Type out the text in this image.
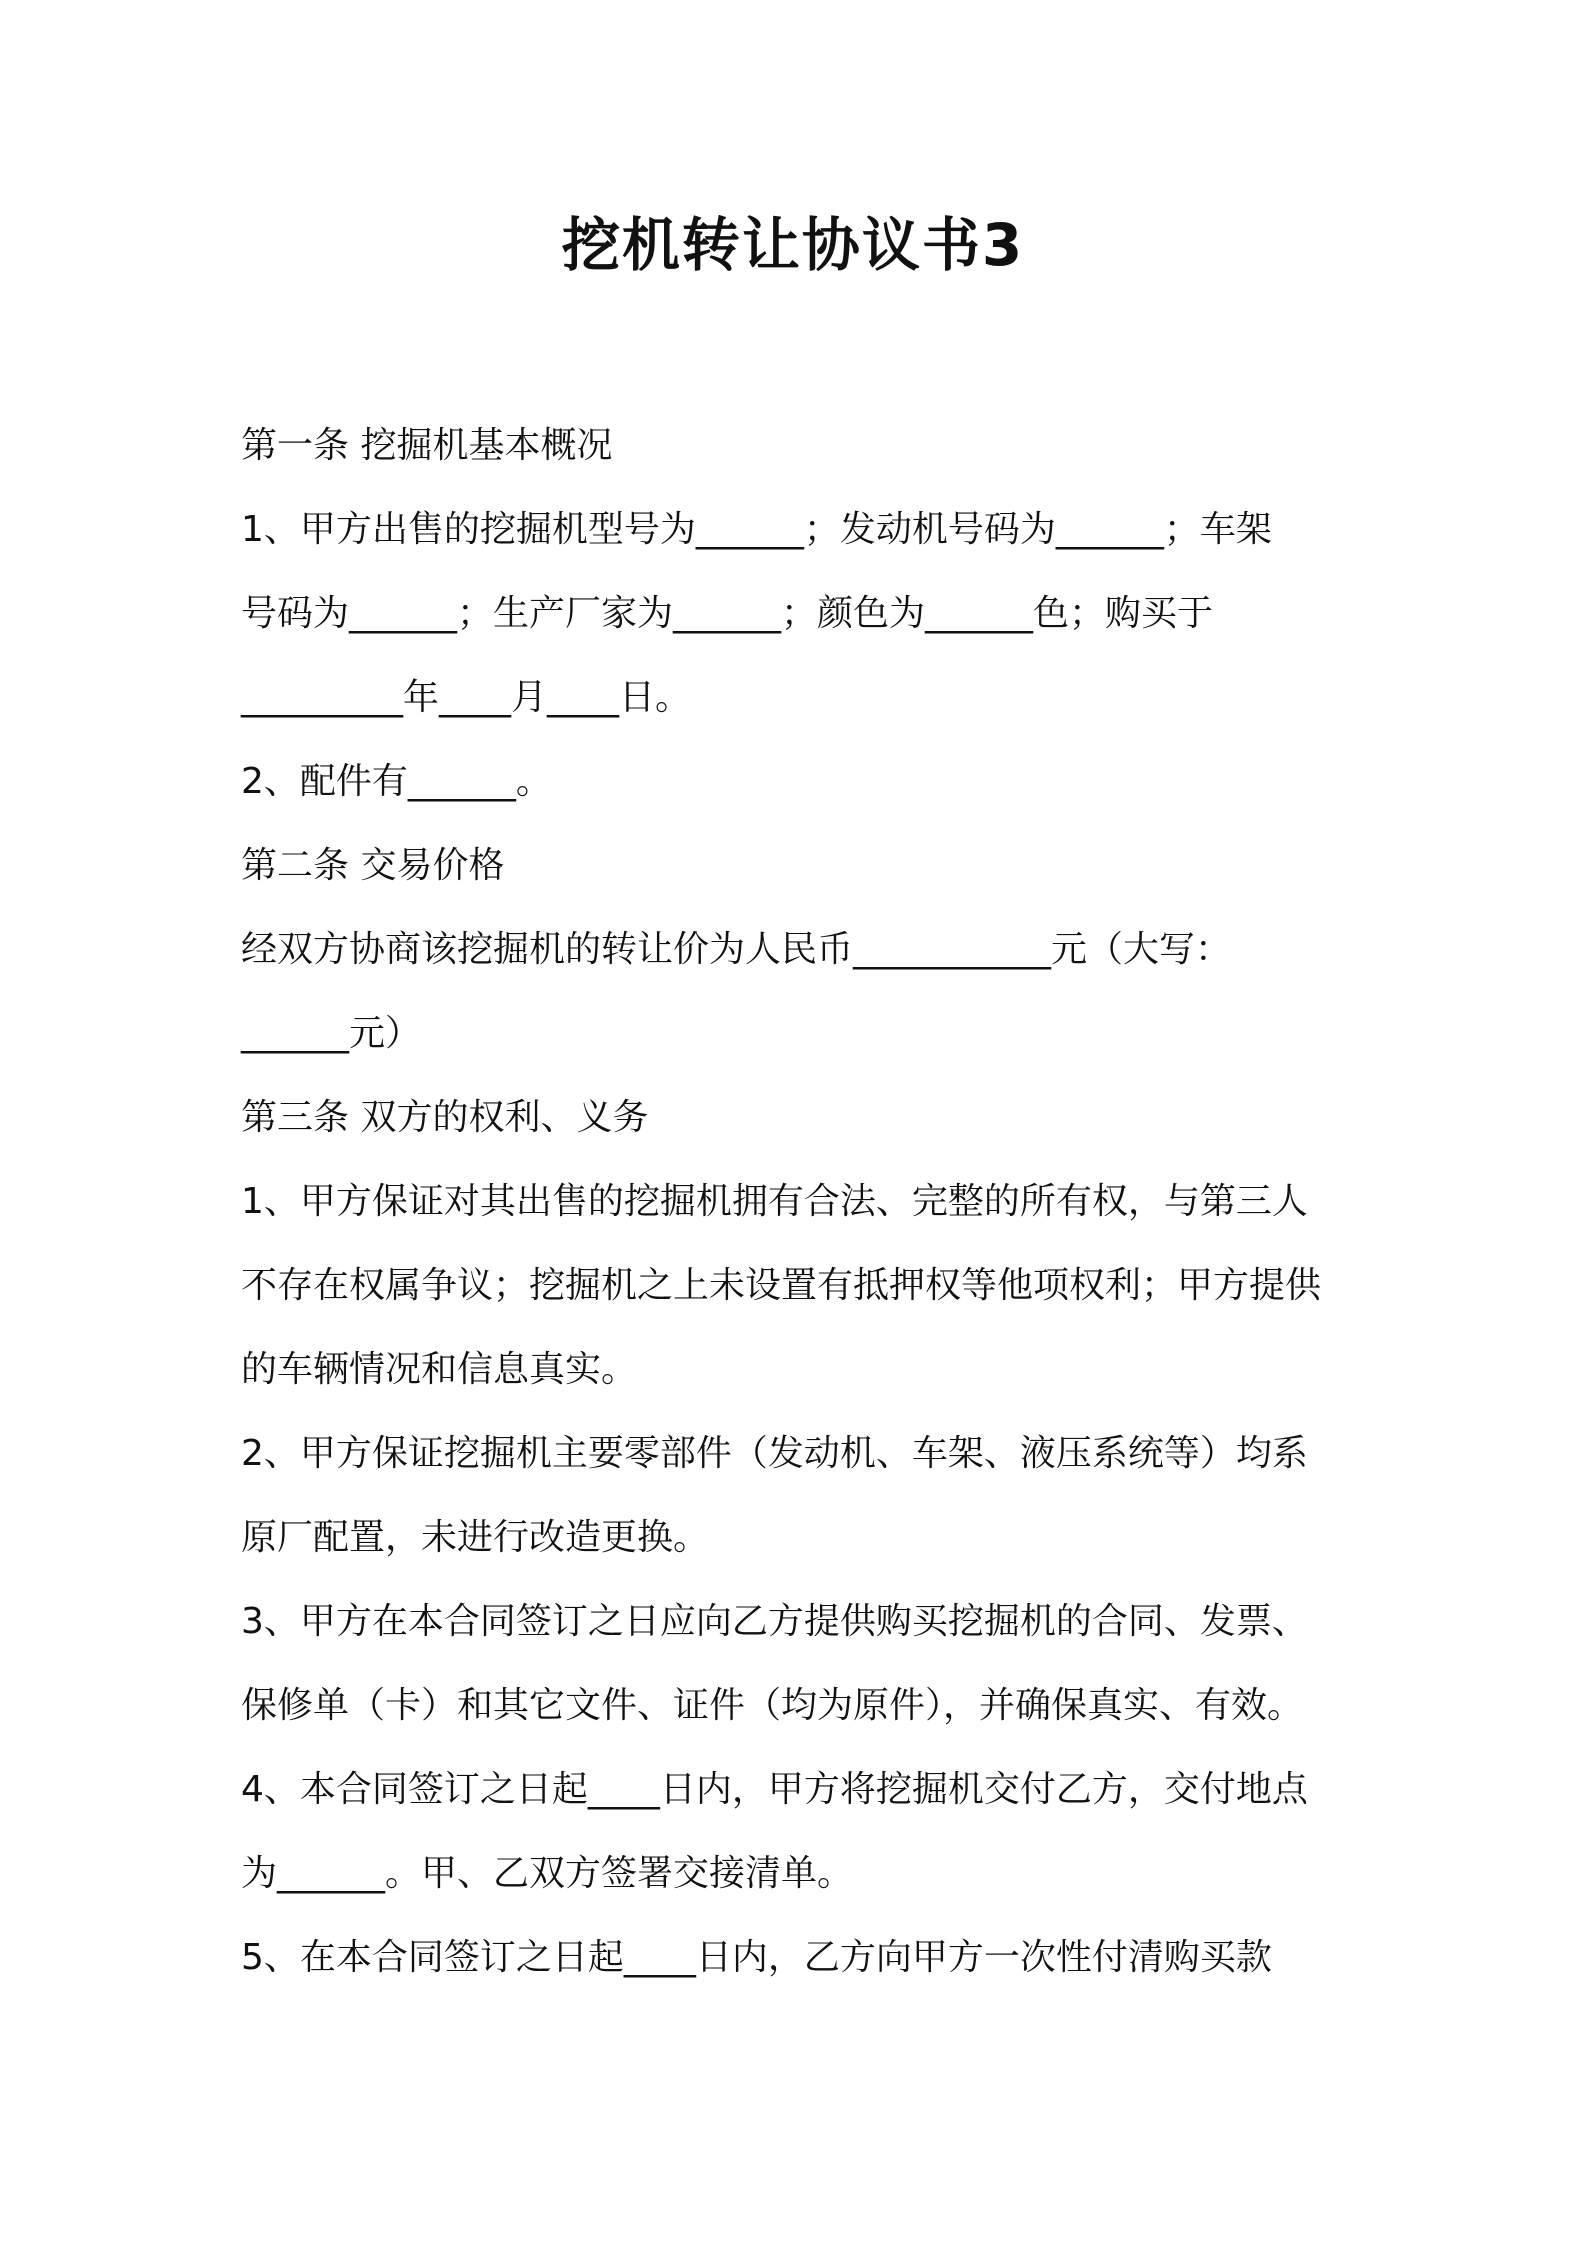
挖机转让协议书3

第一条 挖掘机基本概况

1、甲方出售的挖掘机型号为______；发动机号码为______；车架

号码为______；生产厂家为______；颜色为______色；购买于

_________年____月____日。

2、配件有______。

第二条 交易价格

经双方协商该挖掘机的转让价为人民币___________元（大写：

______元）

第三条 双方的权利、义务

1、甲方保证对其出售的挖掘机拥有合法、完整的所有权，与第三人

不存在权属争议；挖掘机之上未设置有抵押权等他项权利；甲方提供

的车辆情况和信息真实。

2、甲方保证挖掘机主要零部件（发动机、车架、液压系统等）均系

原厂配置，未进行改造更换。

3、甲方在本合同签订之日应向乙方提供购买挖掘机的合同、发票、

保修单（卡）和其它文件、证件（均为原件），并确保真实、有效。

4、本合同签订之日起____日内，甲方将挖掘机交付乙方，交付地点

为______。甲、乙双方签署交接清单。

5、在本合同签订之日起____日内，乙方向甲方一次性付清购买款
